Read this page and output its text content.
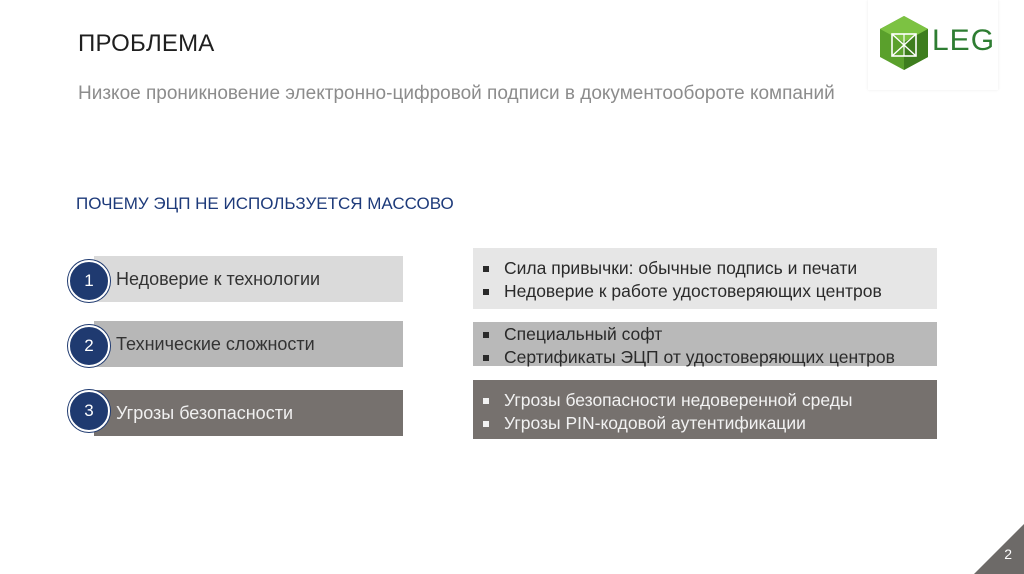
ПРОБЛЕМА
Низкое проникновение электронно-цифровой подписи в документообороте компаний
LEG
ПОЧЕМУ ЭЦП НЕ ИСПОЛЬЗУЕТСЯ МАССОВО
Недоверие к технологии
Технические сложности
Угрозы безопасности
1
2
3
Сила привычки: обычные подпись и печати
Недоверие к работе удостоверяющих центров
Специальный софт
Сертификаты ЭЦП от удостоверяющих центров
Угрозы безопасности недоверенной среды
Угрозы PIN-кодовой аутентификации
2
